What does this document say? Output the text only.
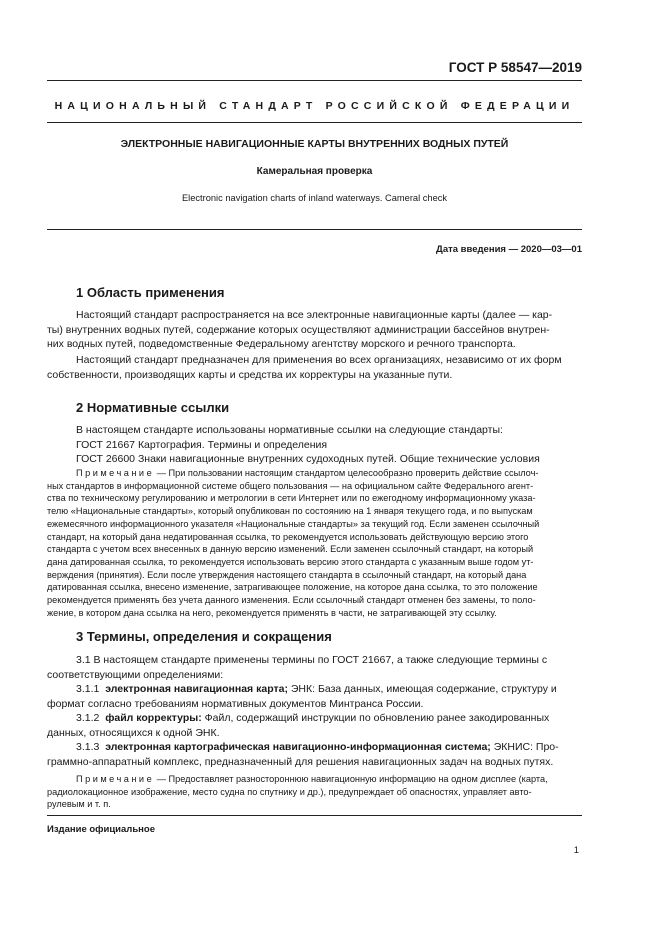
ГОСТ Р 58547—2019
НАЦИОНАЛЬНЫЙ СТАНДАРТ РОССИЙСКОЙ ФЕДЕРАЦИИ
ЭЛЕКТРОННЫЕ НАВИГАЦИОННЫЕ КАРТЫ ВНУТРЕННИХ ВОДНЫХ ПУТЕЙ
Камеральная проверка
Electronic navigation charts of inland waterways. Cameral check
Дата введения — 2020—03—01
1 Область применения
Настоящий стандарт распространяется на все электронные навигационные карты (далее — кар-
ты) внутренних водных путей, содержание которых осуществляют администрации бассейнов внутрен-
них водных путей, подведомственные Федеральному агентству морского и речного транспорта.
Настоящий стандарт предназначен для применения во всех организациях, независимо от их форм
собственности, производящих карты и средства их корректуры на указанные пути.
2 Нормативные ссылки
В настоящем стандарте использованы нормативные ссылки на следующие стандарты:
ГОСТ 21667 Картография. Термины и определения
ГОСТ 26600 Знаки навигационные внутренних судоходных путей. Общие технические условия
Примечание — При пользовании настоящим стандартом целесообразно проверить действие ссылоч-
ных стандартов в информационной системе общего пользования — на официальном сайте Федерального агент-
ства по техническому регулированию и метрологии в сети Интернет или по ежегодному информационному указа-
телю «Национальные стандарты», который опубликован по состоянию на 1 января текущего года, и по выпускам
ежемесячного информационного указателя «Национальные стандарты» за текущий год. Если заменен ссылочный
стандарт, на который дана недатированная ссылка, то рекомендуется использовать действующую версию этого
стандарта с учетом всех внесенных в данную версию изменений. Если заменен ссылочный стандарт, на который
дана датированная ссылка, то рекомендуется использовать версию этого стандарта с указанным выше годом ут-
верждения (принятия). Если после утверждения настоящего стандарта в ссылочный стандарт, на который дана
датированная ссылка, внесено изменение, затрагивающее положение, на которое дана ссылка, то это положение
рекомендуется применять без учета данного изменения. Если ссылочный стандарт отменен без замены, то поло-
жение, в котором дана ссылка на него, рекомендуется применять в части, не затрагивающей эту ссылку.
3 Термины, определения и сокращения
3.1 В настоящем стандарте применены термины по ГОСТ 21667, а также следующие термины с
соответствующими определениями:
3.1.1 электронная навигационная карта; ЭНК: База данных, имеющая содержание, структуру и
формат согласно требованиям нормативных документов Минтранса России.
3.1.2 файл корректуры: Файл, содержащий инструкции по обновлению ранее закодированных
данных, относящихся к одной ЭНК.
3.1.3 электронная картографическая навигационно-информационная система; ЭКНИС: Про-
граммно-аппаратный комплекс, предназначенный для решения навигационных задач на водных путях.
Примечание — Предоставляет разностороннюю навигационную информацию на одном дисплее (карта,
радиолокационное изображение, место судна по спутнику и др.), предупреждает об опасностях, управляет авто-
рулевым и т. п.
Издание официальное
1
